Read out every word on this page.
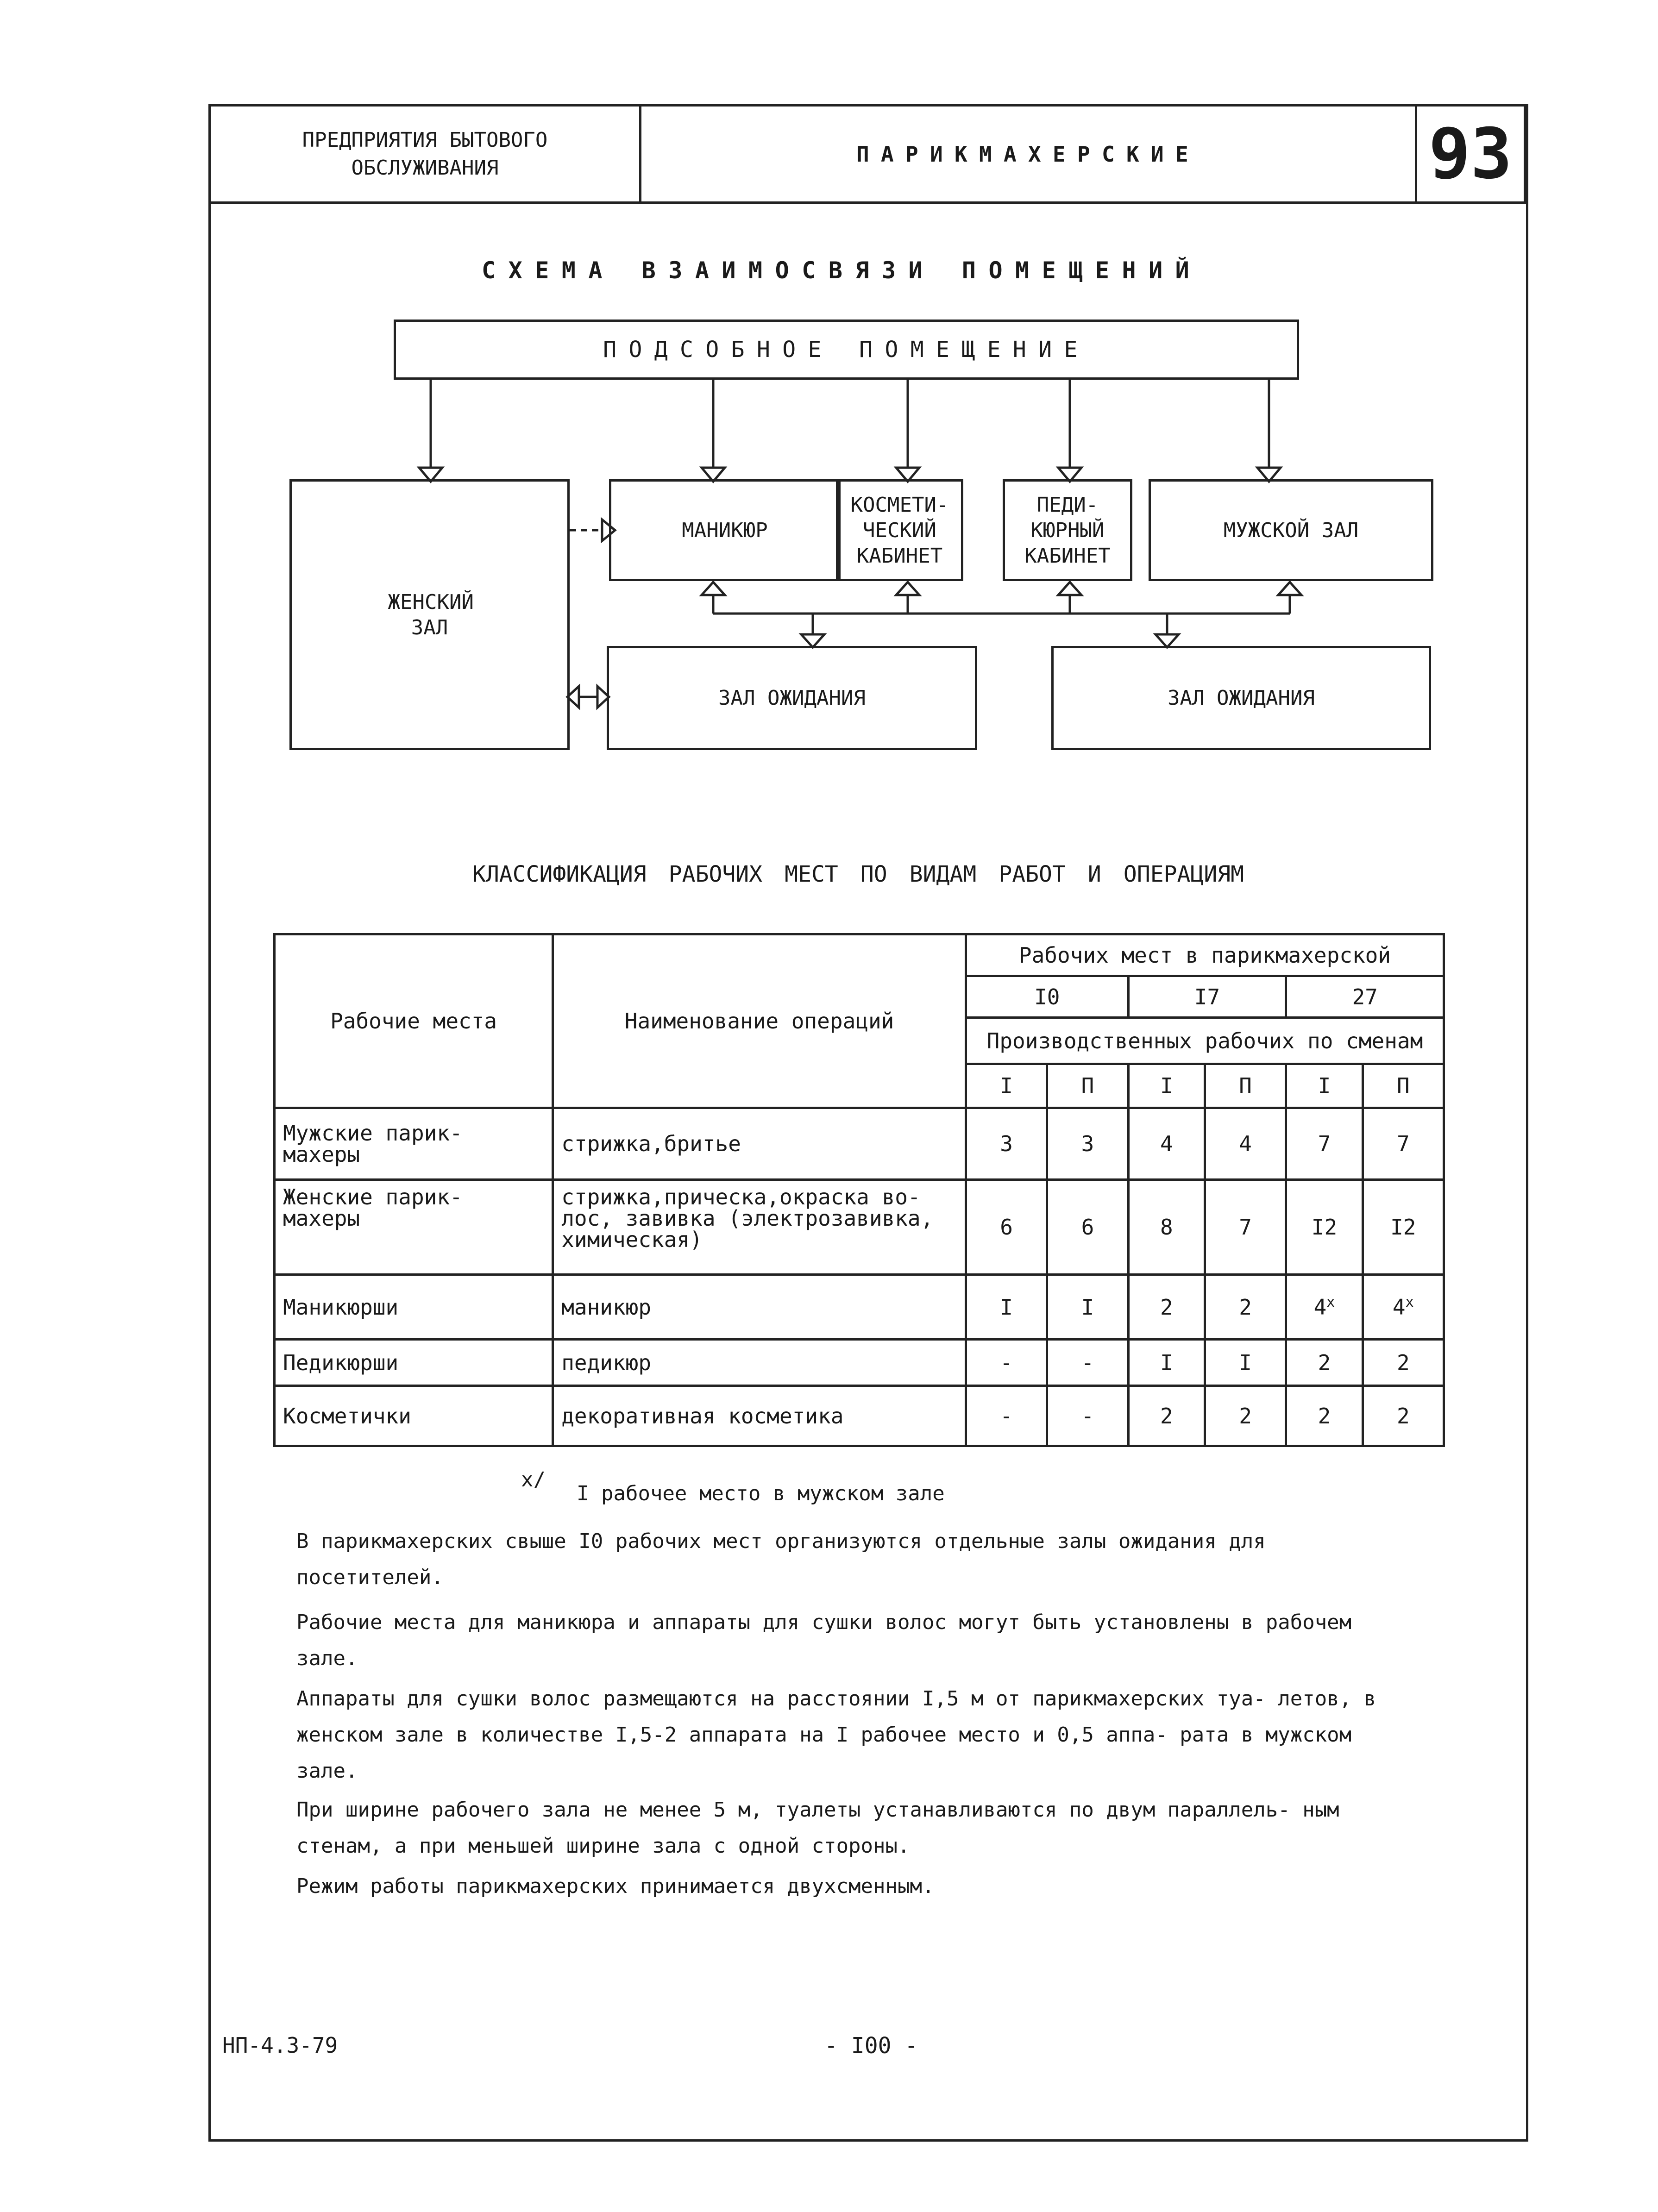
ПРЕДПРИЯТИЯ БЫТОВОГО ОБСЛУЖИВАНИЯ
ПАРИКМАХЕРСКИЕ	93
СХЕМА ВЗАИМОСВЯЗИ ПОМЕЩЕНИЙ
ПОДСОБНОЕ ПОМЕЩЕНИЕ
ЖЕНСКИЙ ЗАЛ
МАНИКЮР
КОСМЕТИ- ЧЕСКИЙ КАБИНЕТ
ПЕДИ- КЮРНЫЙ КАБИНЕТ
МУЖСКОЙ ЗАЛ
ЗАЛ ОЖИДАНИЯ	ЗАЛ ОЖИДАНИЯ
КЛАССИФИКАЦИЯ РАБОЧИХ МЕСТ ПО ВИДАМ РАБОТ И ОПЕРАЦИЯМ
Рабочие места	Наименование операций	Рабочих мест в парикмахерской					
		I0		I7		27	
		Производственных рабочих по сменам					
		I	П	I	П	I	П
Мужские парик- махеры	стрижка,бритье	3	3	4	4	7	7
Женские парик- махеры	стрижка,прическа,окраска во- лос, завивка (электрозавивка, химическая)	6	6	8	7	I2	I2
Маникюрши	маникюр	I	I	2	2	4$^x$	4$^x$
Педикюрши	педикюр	-	-	I	I	2	2
Косметички	декоративная косметика	-	-	2	2	2	2
x/
I рабочее место в мужском зале
В парикмахерских свыше I0 рабочих мест организуются отдельные залы ожидания для посетителей.
Рабочие места для маникюра и аппараты для сушки волос могут быть установлены в рабочем зале.
Аппараты для сушки волос размещаются на расстоянии I,5 м от парикмахерских туа- летов, в женском зале в количестве I,5-2 аппарата на I рабочее место и 0,5 аппа- рата в мужском зале.
При ширине рабочего зала не менее 5 м, туалеты устанавливаются по двум параллель- ным стенам, а при меньшей ширине зала с одной стороны.
Режим работы парикмахерских принимается двухсменным.
НП-4.3-79	- I00 -
